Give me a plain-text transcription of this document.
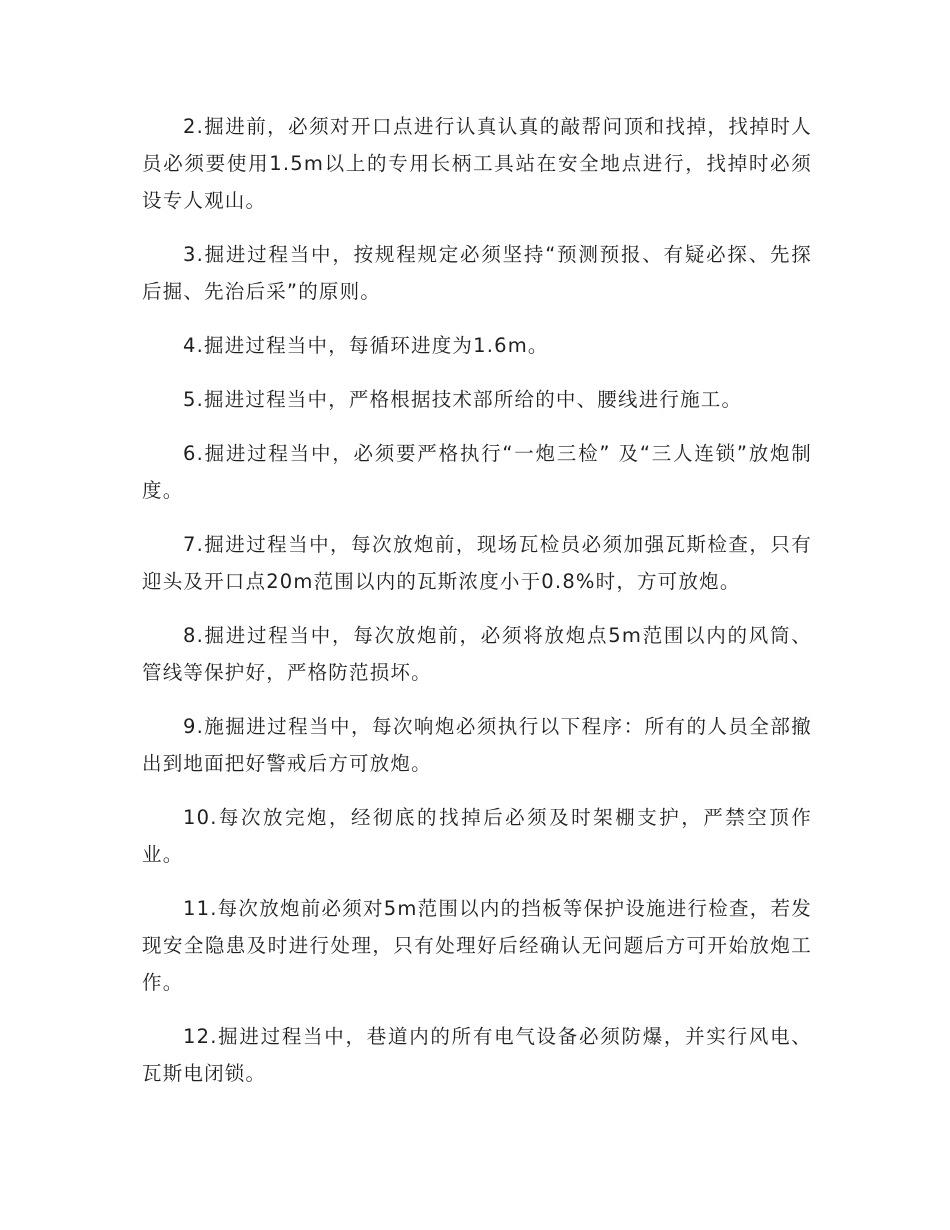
2.掘进前，必须对开口点进行认真认真的敲帮问顶和找掉，找掉时人员必须要使用1.5m以上的专用长柄工具站在安全地点进行，找掉时必须设专人观山。

3.掘进过程当中，按规程规定必须坚持“预测预报、有疑必探、先探后掘、先治后采”的原则。

4.掘进过程当中，每循环进度为1.6m。

5.掘进过程当中，严格根据技术部所给的中、腰线进行施工。

6.掘进过程当中，必须要严格执行“一炮三检” 及“三人连锁”放炮制度。

7.掘进过程当中，每次放炮前，现场瓦检员必须加强瓦斯检查，只有迎头及开口点20m范围以内的瓦斯浓度小于0.8%时，方可放炮。

8.掘进过程当中，每次放炮前，必须将放炮点5m范围以内的风筒、管线等保护好，严格防范损坏。

9.施掘进过程当中，每次响炮必须执行以下程序：所有的人员全部撤出到地面把好警戒后方可放炮。

10.每次放完炮，经彻底的找掉后必须及时架棚支护，严禁空顶作业。

11.每次放炮前必须对5m范围以内的挡板等保护设施进行检查，若发现安全隐患及时进行处理，只有处理好后经确认无问题后方可开始放炮工作。

12.掘进过程当中，巷道内的所有电气设备必须防爆，并实行风电、瓦斯电闭锁。
